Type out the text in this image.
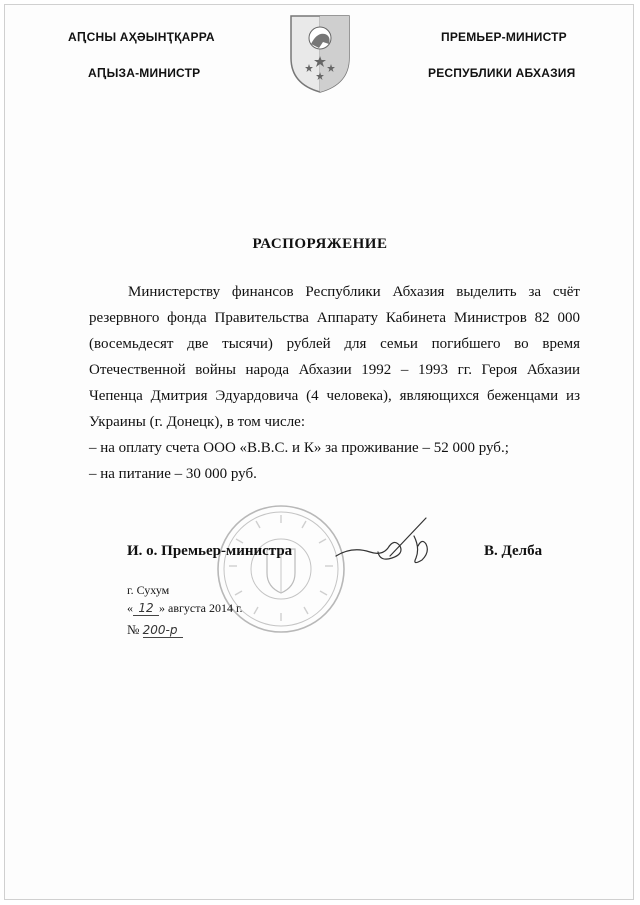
АԤСНЫ АҲӘЫНҬҚАРРА
АԤЫЗА-МИНИСТР
ПРЕМЬЕР-МИНИСТР
РЕСПУБЛИКИ АБХАЗИЯ
РАСПОРЯЖЕНИЕ
Министерству финансов Республики Абхазия выделить за счёт
резервного фонда Правительства Аппарату Кабинета Министров 82 000
(восемьдесят две тысячи) рублей для семьи погибшего во время
Отечественной войны народа Абхазии 1992 – 1993 гг. Героя Абхазии
Чепенца Дмитрия Эдуардовича (4 человека), являющихся беженцами из
Украины (г. Донецк), в том числе:
– на оплату счета ООО «В.В.С. и К» за проживание – 52 000 руб.;
– на питание – 30 000 руб.
И. о. Премьер-министра	В. Делба
г. Сухум
« 12 » августа 2014 г.
№ 200-р
